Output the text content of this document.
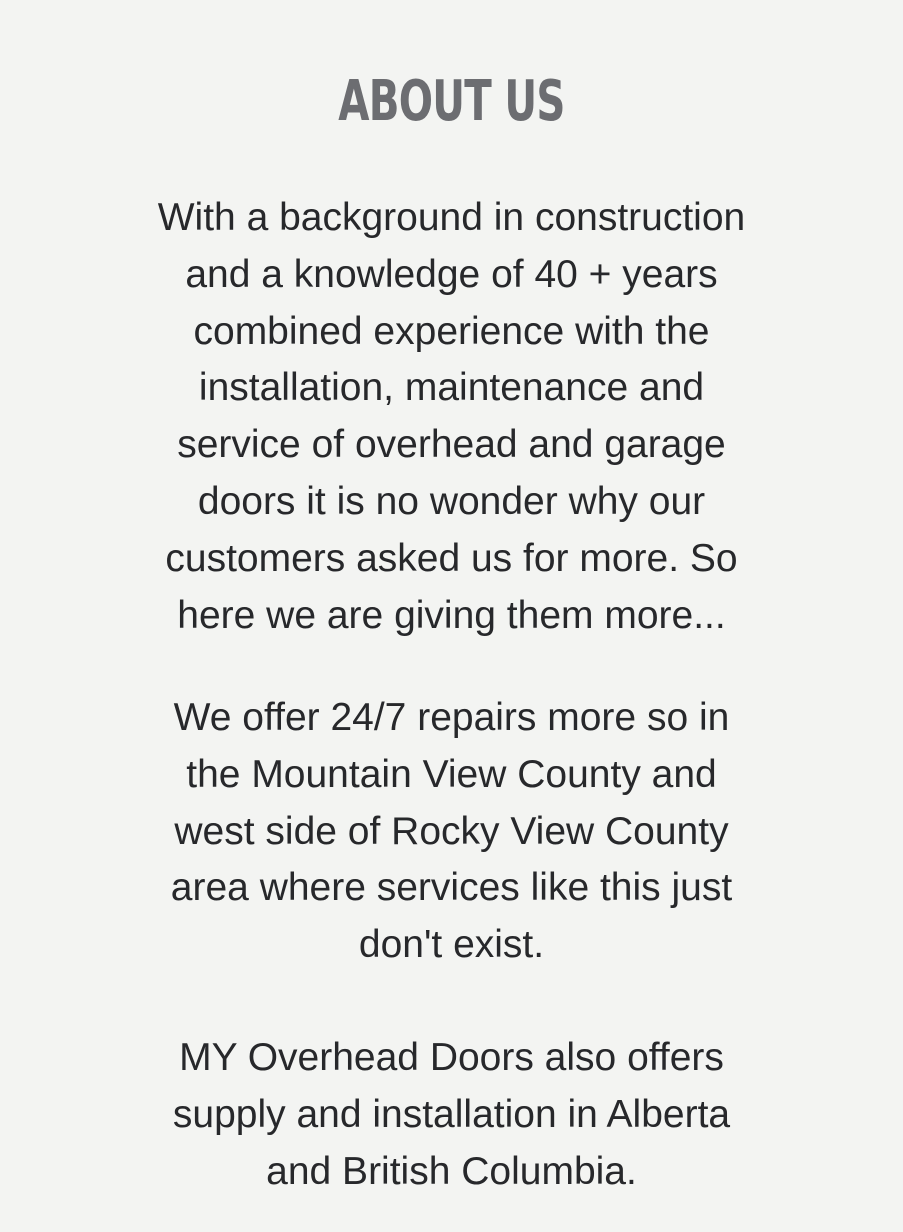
ABOUT US
With a background in construction
and a knowledge of 40 + years
combined experience with the
installation, maintenance and
service of overhead and garage
doors it is no wonder why our
customers asked us for more. So
here we are giving them more...
We offer 24/7 repairs more so in
the Mountain View County and
west side of Rocky View County
area where services like this just
don't exist.
MY Overhead Doors also offers
supply and installation in Alberta
and British Columbia.
